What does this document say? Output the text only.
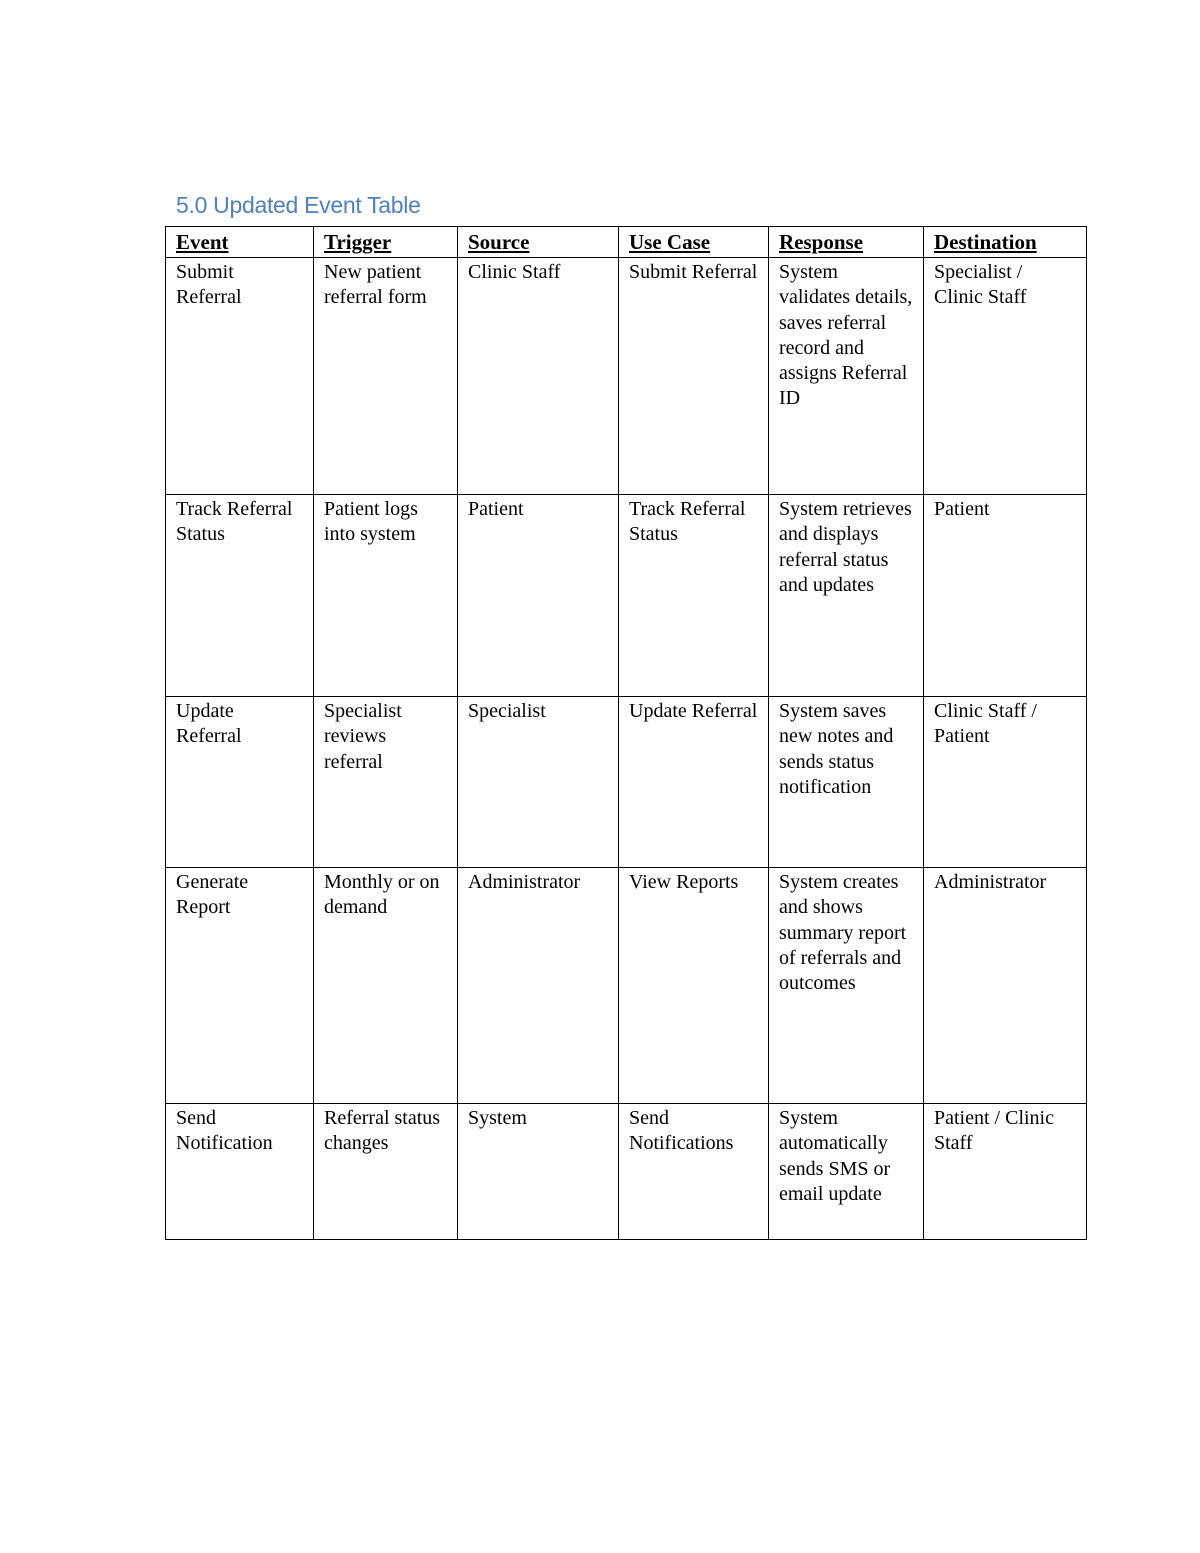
5.0 Updated Event Table
Event	Trigger	Source	Use Case	Response	Destination
Submit Referral	New patient referral form	Clinic Staff	Submit Referral	System validates details, saves referral record and assigns Referral ID	Specialist / Clinic Staff
Track Referral Status	Patient logs into system	Patient	Track Referral Status	System retrieves and displays referral status and updates	Patient
Update Referral	Specialist reviews referral	Specialist	Update Referral	System saves new notes and sends status notification	Clinic Staff / Patient
Generate Report	Monthly or on demand	Administrator	View Reports	System creates and shows summary report of referrals and outcomes	Administrator
Send Notification	Referral status changes	System	Send Notifications	System automatically sends SMS or email update	Patient / Clinic Staff
